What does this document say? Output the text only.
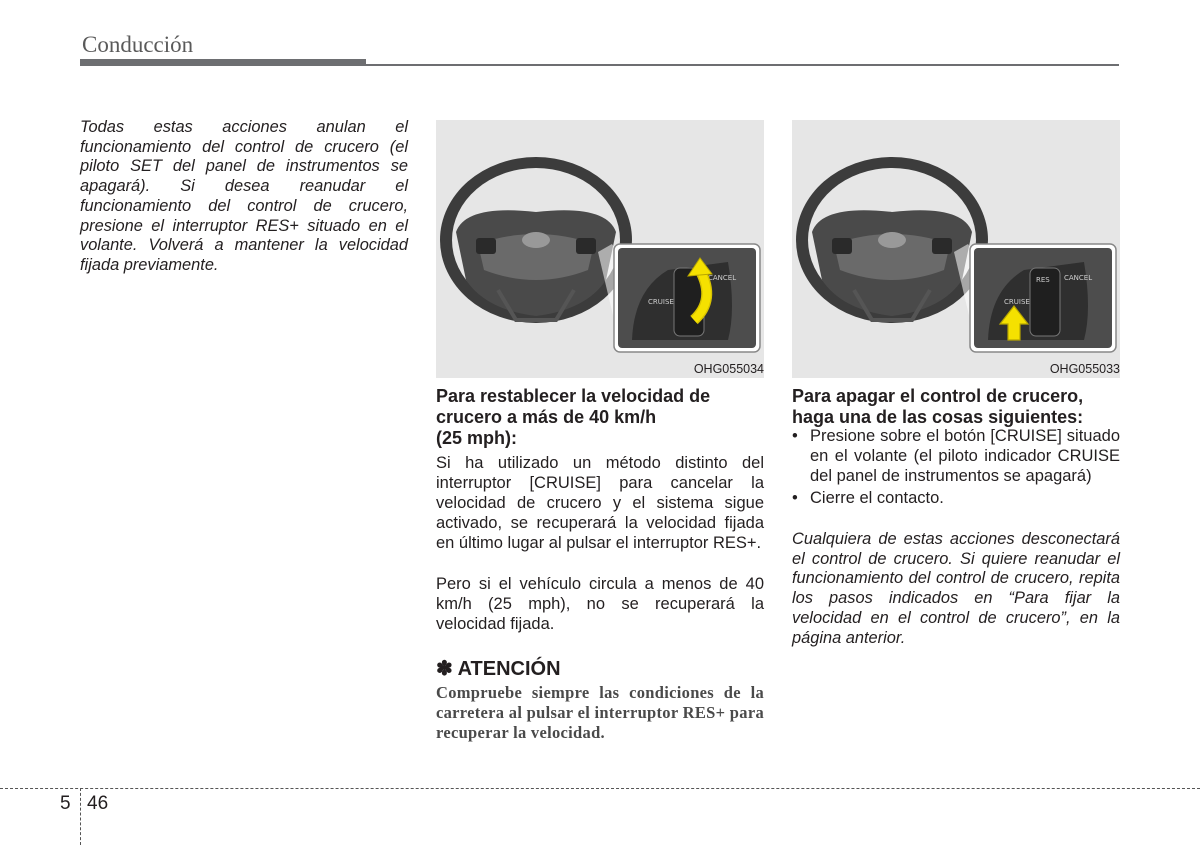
Conducción
Todas estas acciones anulan el funcionamiento del control de crucero (el piloto SET del panel de instrumentos se apagará). Si desea reanudar el funcionamiento del control de crucero, presione el interruptor RES+ situado en el volante. Volverá a mantener la velocidad fijada previamente.
CRUISE
CANCEL
OHG055034
CRUISE
CANCEL
RES
OHG055033
Para restablecer la velocidad de
crucero a más de 40 km/h
(25 mph):
Si ha utilizado un método distinto del interruptor [CRUISE] para cancelar la velocidad de crucero y el sistema sigue activado, se recuperará la velocidad fijada en último lugar al pulsar el interruptor RES+.
Pero si el vehículo circula a menos de 40 km/h (25 mph), no se recuperará la velocidad fijada.
✽ ATENCIÓN
Compruebe siempre las condiciones de la carretera al pulsar el interruptor RES+ para recuperar la velocidad.
Para apagar el control de crucero,
haga una de las cosas siguientes:
• Presione sobre el botón [CRUISE] situado en el volante (el piloto indicador CRUISE del panel de instrumentos se apagará)
• Cierre el contacto.
Cualquiera de estas acciones desconectará el control de crucero. Si quiere reanudar el funcionamiento del control de crucero, repita los pasos indicados en “Para fijar la velocidad en el control de crucero”, en la página anterior.
5 46
